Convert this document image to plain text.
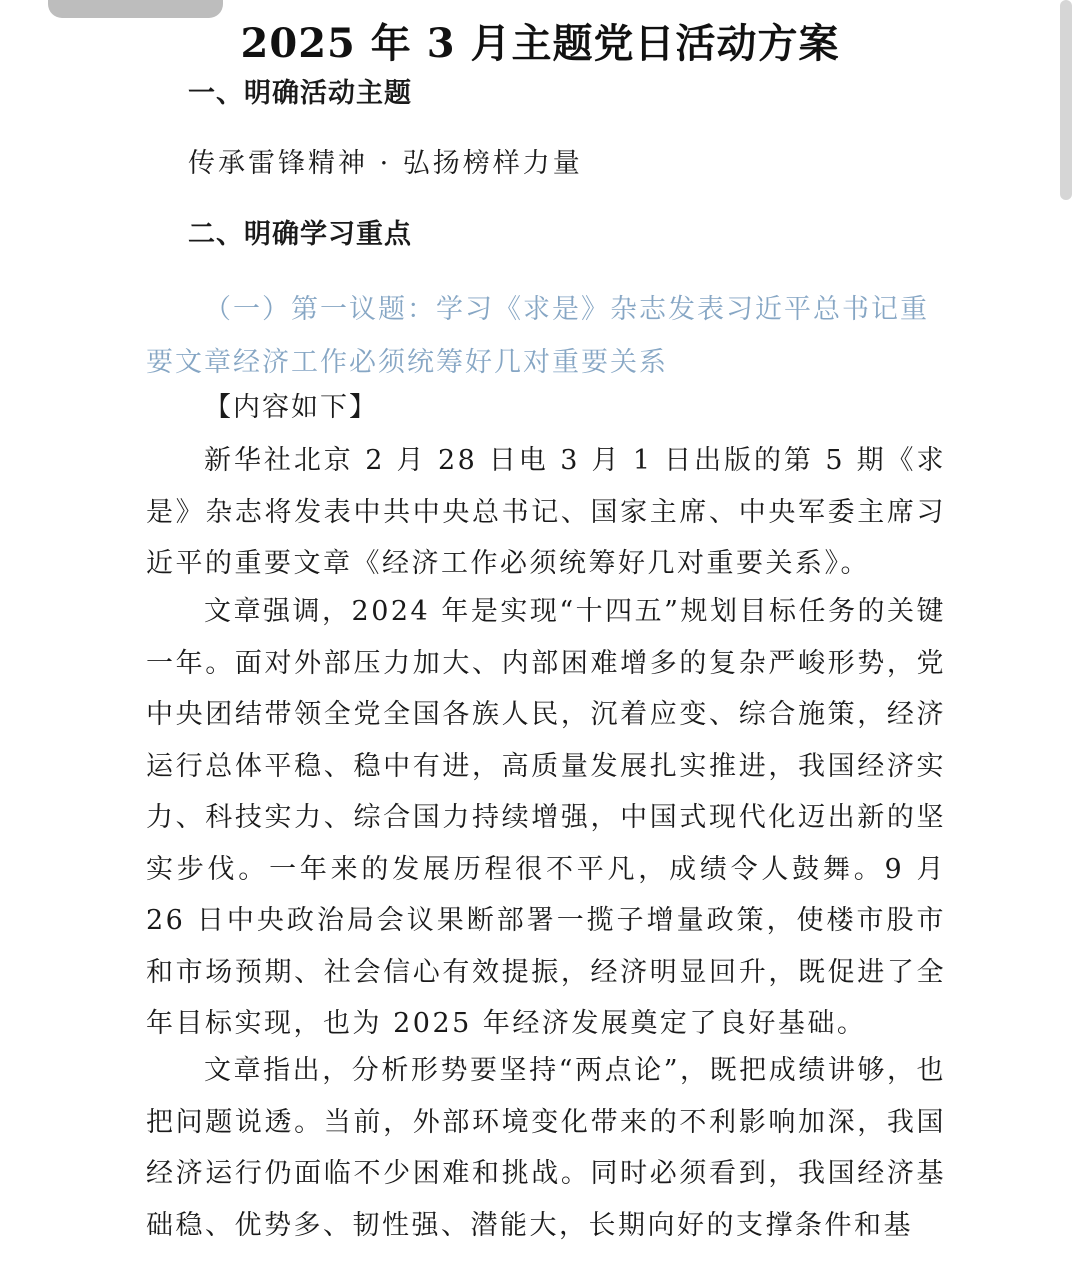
2025 年 3 月主题党日活动方案
一、明确活动主题
传承雷锋精神 · 弘扬榜样力量
二、明确学习重点
（一）第一议题：学习《求是》杂志发表习近平总书记重要文章经济工作必须统筹好几对重要关系
【内容如下】
新华社北京 2 月 28 日电 3 月 1 日出版的第 5 期《求是》杂志将发表中共中央总书记、国家主席、中央军委主席习近平的重要文章《经济工作必须统筹好几对重要关系》。
文章强调，2024 年是实现“十四五”规划目标任务的关键一年。面对外部压力加大、内部困难增多的复杂严峻形势，党中央团结带领全党全国各族人民，沉着应变、综合施策，经济运行总体平稳、稳中有进，高质量发展扎实推进，我国经济实力、科技实力、综合国力持续增强，中国式现代化迈出新的坚实步伐。一年来的发展历程很不平凡，成绩令人鼓舞。9 月 26 日中央政治局会议果断部署一揽子增量政策，使楼市股市和市场预期、社会信心有效提振，经济明显回升，既促进了全年目标实现，也为 2025 年经济发展奠定了良好基础。
文章指出，分析形势要坚持“两点论”，既把成绩讲够，也把问题说透。当前，外部环境变化带来的不利影响加深，我国经济运行仍面临不少困难和挑战。同时必须看到，我国经济基础稳、优势多、韧性强、潜能大，长期向好的支撑条件和基
